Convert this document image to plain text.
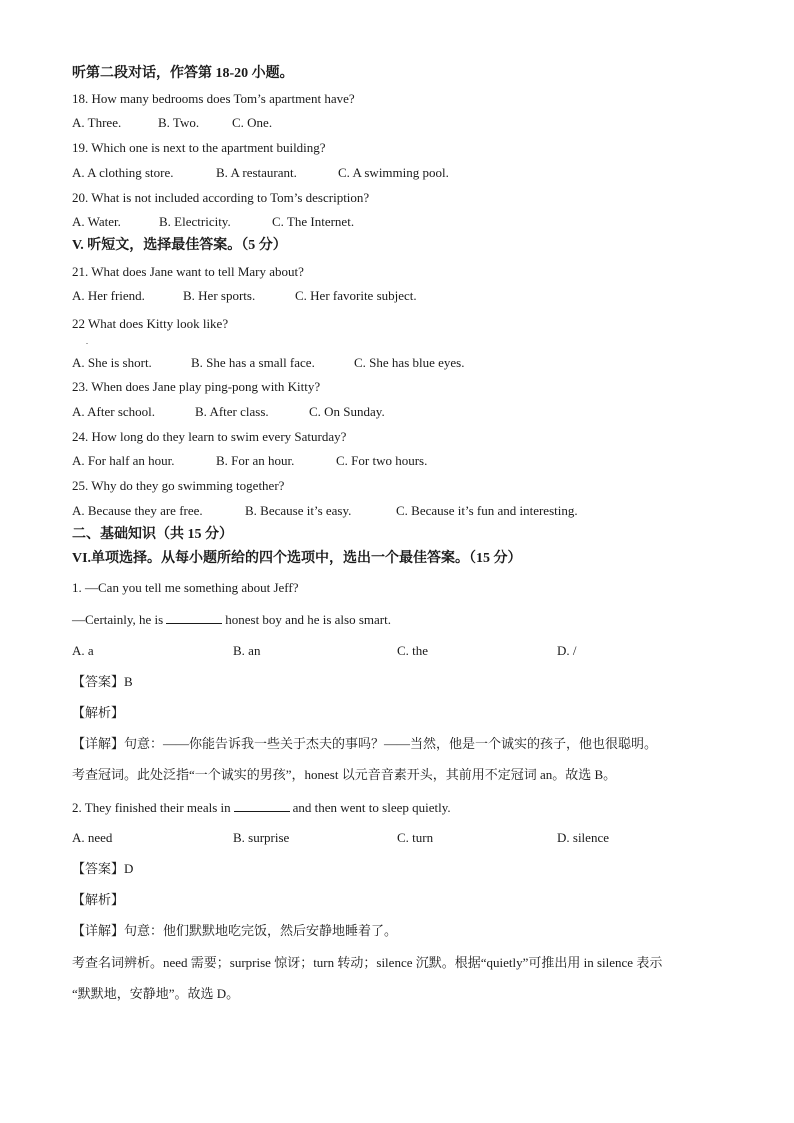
听第二段对话，作答第 18-20 小题。
18. How many bedrooms does Tom’s apartment have?
A. Three.	B. Two.	C. One.
19. Which one is next to the apartment building?
A. A clothing store.	B. A restaurant.	C. A swimming pool.
20. What is not included according to Tom’s description?
A. Water.	B. Electricity.	C. The Internet.
V. 听短文，选择最佳答案。（5 分）
21. What does Jane want to tell Mary about?
A. Her friend.	B. Her sports.	C. Her favorite subject.
22 What does Kitty look like?
.
A. She is short.	B. She has a small face.	C. She has blue eyes.
23. When does Jane play ping-pong with Kitty?
A. After school.	B. After class.	C. On Sunday.
24. How long do they learn to swim every Saturday?
A. For half an hour.	B. For an hour.	C. For two hours.
25. Why do they go swimming together?
A. Because they are free.	B. Because it’s easy.	C. Because it’s fun and interesting.
二、基础知识（共 15 分）
VI.单项选择。从每小题所给的四个选项中，选出一个最佳答案。（15 分）
1. —Can you tell me something about Jeff?
—Certainly, he is	honest boy and he is also smart.
A. a	B. an	C. the	D. /
【答案】B
【解析】
【详解】句意：——你能告诉我一些关于杰夫的事吗？——当然，他是一个诚实的孩子，他也很聪明。
考查冠词。此处泛指“一个诚实的男孩”，honest 以元音音素开头，其前用不定冠词 an。故选 B。
2. They finished their meals in	and then went to sleep quietly.
A. need	B. surprise	C. turn	D. silence
【答案】D
【解析】
【详解】句意：他们默默地吃完饭，然后安静地睡着了。
考查名词辨析。need 需要；surprise 惊讶；turn 转动；silence 沉默。根据“quietly”可推出用 in silence 表示
“默默地，安静地”。故选 D。
